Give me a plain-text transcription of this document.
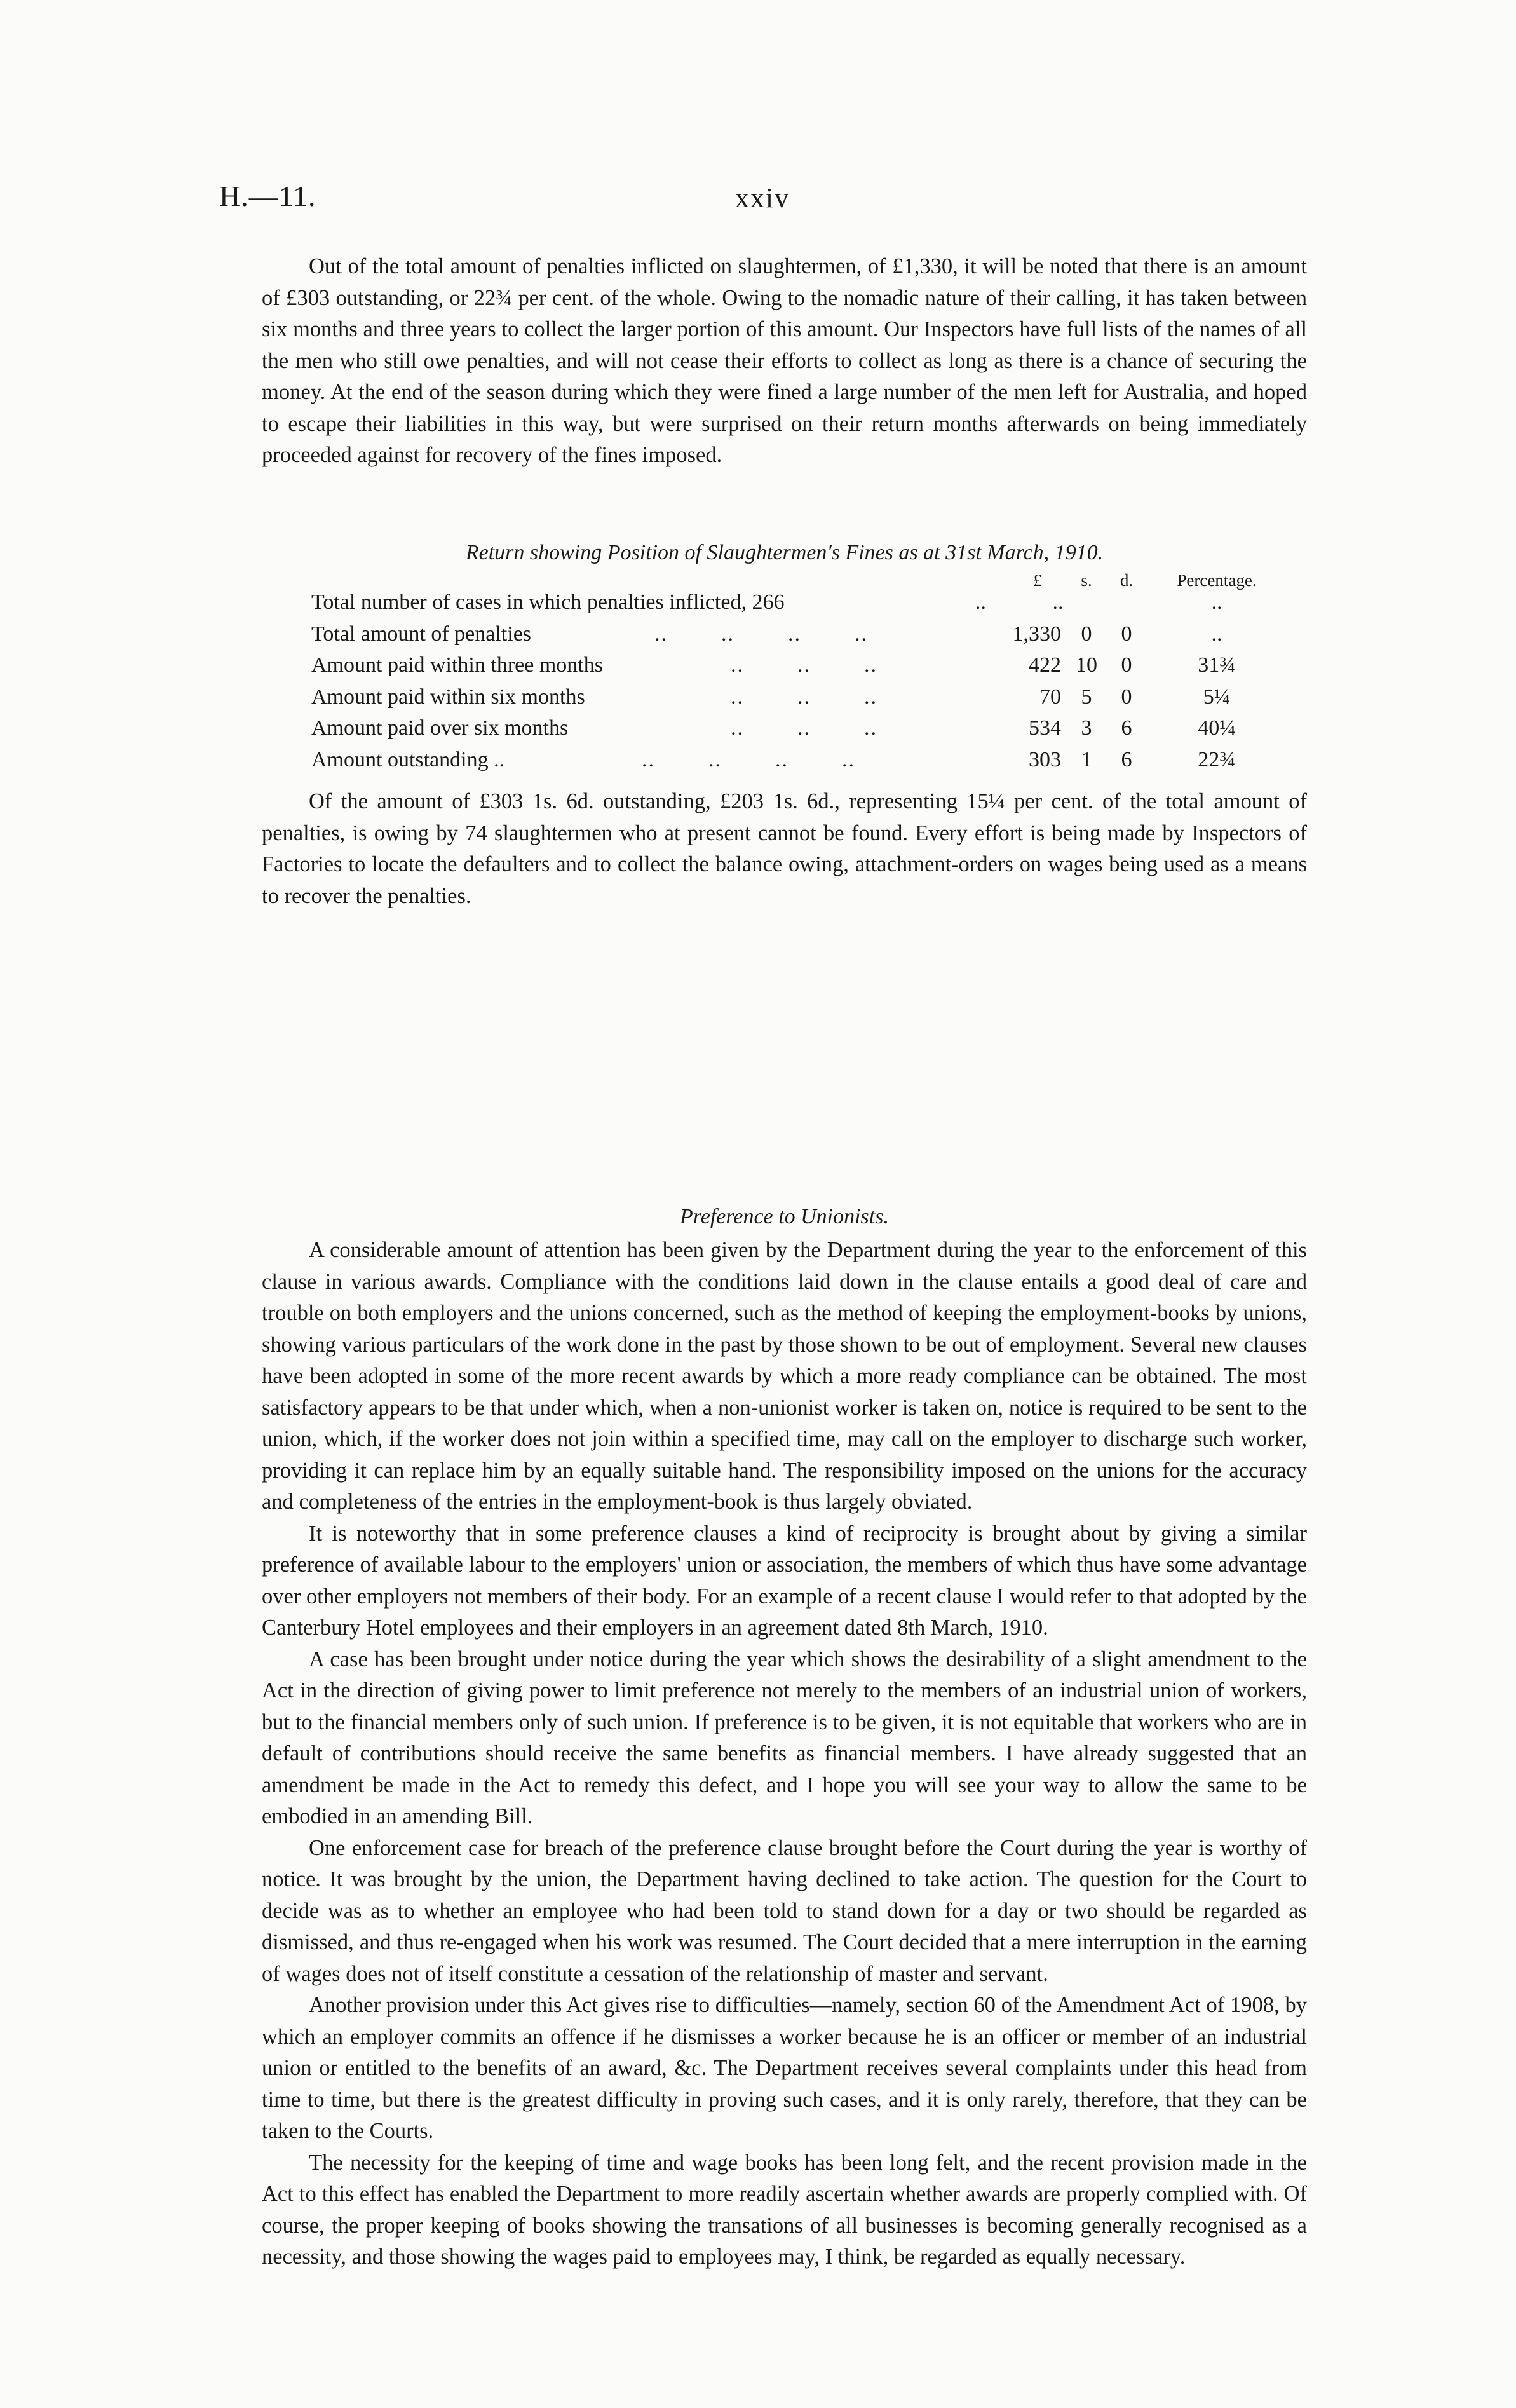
H.—11.	xxiv

Out of the total amount of penalties inflicted on slaughtermen, of £1,330, it will be noted that there is an amount of £303 outstanding, or 22¾ per cent. of the whole. Owing to the nomadic nature of their calling, it has taken between six months and three years to collect the larger portion of this amount. Our Inspectors have full lists of the names of all the men who still owe penalties, and will not cease their efforts to collect as long as there is a chance of securing the money. At the end of the season during which they were fined a large number of the men left for Australia, and hoped to escape their liabilities in this way, but were surprised on their return months afterwards on being immediately proceeded against for recovery of the fines imposed.

Return showing Position of Slaughtermen's Fines as at 31st March, 1910.
£	s.	d.	Percentage.
Total number of cases in which penalties inflicted, 266	..	..	..
Total amount of penalties	..        ..        ..        ..	1,330 0	0	..
Amount paid within three months	..        ..        ..	422 10	0	31¾
Amount paid within six months	..        ..        ..	70 5	0	5¼
Amount paid over six months	..        ..        ..	534 3	6	40¼
Amount outstanding ..	..        ..        ..        ..	303 1	6	22¾

Of the amount of £303 1s. 6d. outstanding, £203 1s. 6d., representing 15¼ per cent. of the total amount of penalties, is owing by 74 slaughtermen who at present cannot be found. Every effort is being made by Inspectors of Factories to locate the defaulters and to collect the balance owing, attachment-orders on wages being used as a means to recover the penalties.

Preference to Unionists.

A considerable amount of attention has been given by the Department during the year to the enforcement of this clause in various awards. Compliance with the conditions laid down in the clause entails a good deal of care and trouble on both employers and the unions concerned, such as the method of keeping the employment-books by unions, showing various particulars of the work done in the past by those shown to be out of employment. Several new clauses have been adopted in some of the more recent awards by which a more ready compliance can be obtained. The most satisfactory appears to be that under which, when a non-unionist worker is taken on, notice is required to be sent to the union, which, if the worker does not join within a specified time, may call on the employer to discharge such worker, providing it can replace him by an equally suitable hand. The responsibility imposed on the unions for the accuracy and completeness of the entries in the employment-book is thus largely obviated.

It is noteworthy that in some preference clauses a kind of reciprocity is brought about by giving a similar preference of available labour to the employers' union or association, the members of which thus have some advantage over other employers not members of their body. For an example of a recent clause I would refer to that adopted by the Canterbury Hotel employees and their employers in an agreement dated 8th March, 1910.

A case has been brought under notice during the year which shows the desirability of a slight amendment to the Act in the direction of giving power to limit preference not merely to the members of an industrial union of workers, but to the financial members only of such union. If preference is to be given, it is not equitable that workers who are in default of contributions should receive the same benefits as financial members. I have already suggested that an amendment be made in the Act to remedy this defect, and I hope you will see your way to allow the same to be embodied in an amending Bill.

One enforcement case for breach of the preference clause brought before the Court during the year is worthy of notice. It was brought by the union, the Department having declined to take action. The question for the Court to decide was as to whether an employee who had been told to stand down for a day or two should be regarded as dismissed, and thus re-engaged when his work was resumed. The Court decided that a mere interruption in the earning of wages does not of itself constitute a cessation of the relationship of master and servant.

Another provision under this Act gives rise to difficulties—namely, section 60 of the Amendment Act of 1908, by which an employer commits an offence if he dismisses a worker because he is an officer or member of an industrial union or entitled to the benefits of an award, &c. The Department receives several complaints under this head from time to time, but there is the greatest difficulty in proving such cases, and it is only rarely, therefore, that they can be taken to the Courts.

The necessity for the keeping of time and wage books has been long felt, and the recent provision made in the Act to this effect has enabled the Department to more readily ascertain whether awards are properly complied with. Of course, the proper keeping of books showing the transations of all businesses is becoming generally recognised as a necessity, and those showing the wages paid to employees may, I think, be regarded as equally necessary.
